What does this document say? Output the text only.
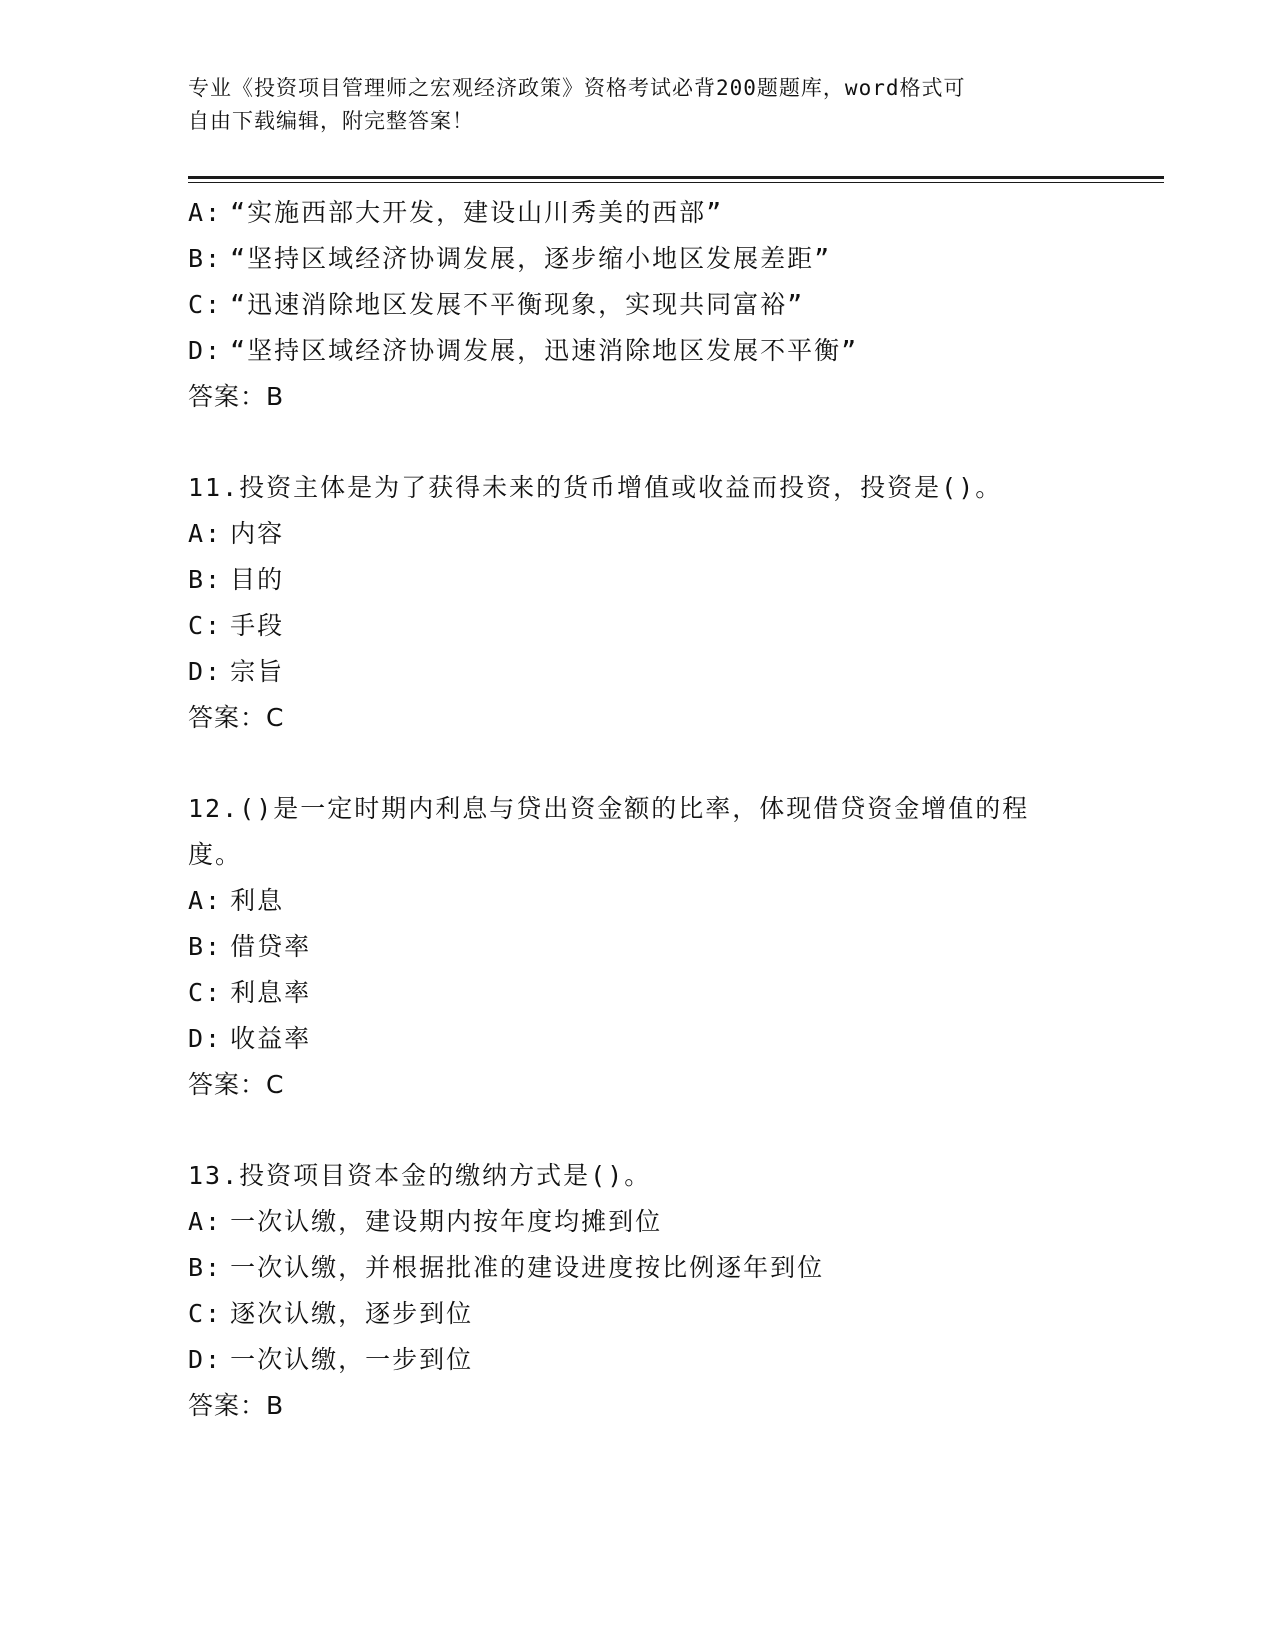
专业《投资项目管理师之宏观经济政策》资格考试必背200题题库，word格式可
自由下载编辑，附完整答案！
A: “实施西部大开发，建设山川秀美的西部”
B: “坚持区域经济协调发展，逐步缩小地区发展差距”
C: “迅速消除地区发展不平衡现象，实现共同富裕”
D: “坚持区域经济协调发展，迅速消除地区发展不平衡”
答案：B
11.投资主体是为了获得未来的货币增值或收益而投资，投资是()。
A: 内容
B: 目的
C: 手段
D: 宗旨
答案：C
12.()是一定时期内利息与贷出资金额的比率，体现借贷资金增值的程
度。
A: 利息
B: 借贷率
C: 利息率
D: 收益率
答案：C
13.投资项目资本金的缴纳方式是()。
A: 一次认缴，建设期内按年度均摊到位
B: 一次认缴，并根据批准的建设进度按比例逐年到位
C: 逐次认缴，逐步到位
D: 一次认缴，一步到位
答案：B
